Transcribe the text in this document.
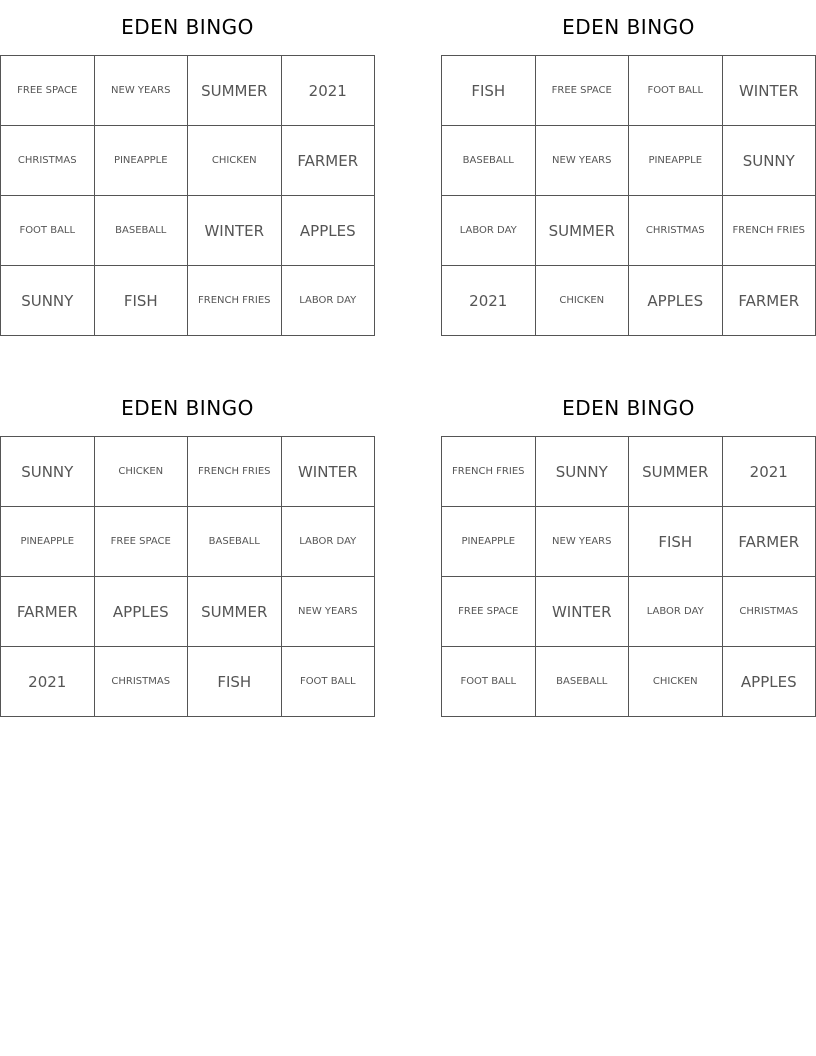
EDEN BINGO
FREE SPACE	NEW YEARS	SUMMER	2021
CHRISTMAS	PINEAPPLE	CHICKEN	FARMER
FOOT BALL	BASEBALL	WINTER	APPLES
SUNNY	FISH	FRENCH FRIES	LABOR DAY
EDEN BINGO
FISH	FREE SPACE	FOOT BALL	WINTER
BASEBALL	NEW YEARS	PINEAPPLE	SUNNY
LABOR DAY	SUMMER	CHRISTMAS	FRENCH FRIES
2021	CHICKEN	APPLES	FARMER
EDEN BINGO
SUNNY	CHICKEN	FRENCH FRIES	WINTER
PINEAPPLE	FREE SPACE	BASEBALL	LABOR DAY
FARMER	APPLES	SUMMER	NEW YEARS
2021	CHRISTMAS	FISH	FOOT BALL
EDEN BINGO
FRENCH FRIES	SUNNY	SUMMER	2021
PINEAPPLE	NEW YEARS	FISH	FARMER
FREE SPACE	WINTER	LABOR DAY	CHRISTMAS
FOOT BALL	BASEBALL	CHICKEN	APPLES
